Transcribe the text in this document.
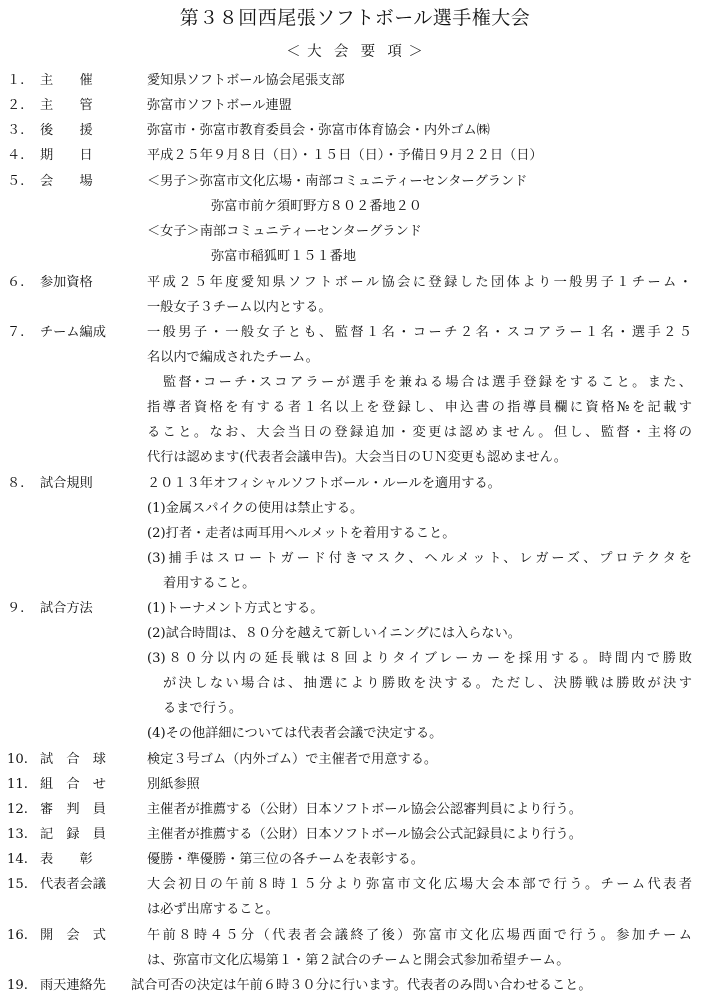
第３８回西尾張ソフトボール選手権大会
＜ 大  会  要  項 ＞
１.	主　　催	愛知県ソフトボール協会尾張支部
２.	主　　管	弥富市ソフトボール連盟
３.	後　　援	弥富市・弥富市教育委員会・弥富市体育協会・内外ゴム㈱
４.	期　　日	平成２５年９月８日（日）・１５日（日）・予備日９月２２日（日）
５.	会　　場	＜男子＞弥富市文化広場・南部コミュニティーセンターグランド
弥富市前ケ須町野方８０２番地２０
＜女子＞南部コミュニティーセンターグランド
弥富市稲狐町１５１番地
６.	参加資格	平成２５年度愛知県ソフトボール協会に登録した団体より一般男子１チーム・
一般女子３チーム以内とする。
７.	チーム編成	一般男子・一般女子とも、監督１名・コーチ２名・スコアラー１名・選手２５
名以内で編成されたチーム。
監督･コーチ･スコアラーが選手を兼ねる場合は選手登録をすること。また、
指導者資格を有する者１名以上を登録し、申込書の指導員欄に資格№を記載す
ること。なお、大会当日の登録追加・変更は認めません。但し、監督・主将の
代行は認めます(代表者会議申告)。大会当日のＵＮ変更も認めません。
８.	試合規則	２０１３年オフィシャルソフトボール・ルールを適用する。
(1)金属スパイクの使用は禁止する。
(2)打者・走者は両耳用ヘルメットを着用すること。
(3)捕手はスロートガード付きマスク、ヘルメット、レガーズ、プロテクタを
着用すること。
９.	試合方法	(1)トーナメント方式とする。
(2)試合時間は、８０分を越えて新しいイニングには入らない。
(3)８０分以内の延長戦は８回よりタイブレーカーを採用する。時間内で勝敗
が決しない場合は、抽選により勝敗を決する。ただし、決勝戦は勝敗が決す
るまで行う。
(4)その他詳細については代表者会議で決定する。
10. 試　合　球	検定３号ゴム（内外ゴム）で主催者で用意する。
11. 組　合　せ	別紙参照
12. 審　判　員	主催者が推薦する（公財）日本ソフトボール協会公認審判員により行う。
13. 記　録　員	主催者が推薦する（公財）日本ソフトボール協会公式記録員により行う。
14. 表　　彰	優勝・準優勝・第三位の各チームを表彰する。
15. 代表者会議	大会初日の午前８時１５分より弥富市文化広場大会本部で行う。チーム代表者
は必ず出席すること。
16. 開　会　式	午前８時４５分（代表者会議終了後）弥富市文化広場西面で行う。参加チーム
は、弥富市文化広場第１・第２試合のチームと開会式参加希望チーム。
19. 雨天連絡先	試合可否の決定は午前６時３０分に行います。代表者のみ問い合わせること。
